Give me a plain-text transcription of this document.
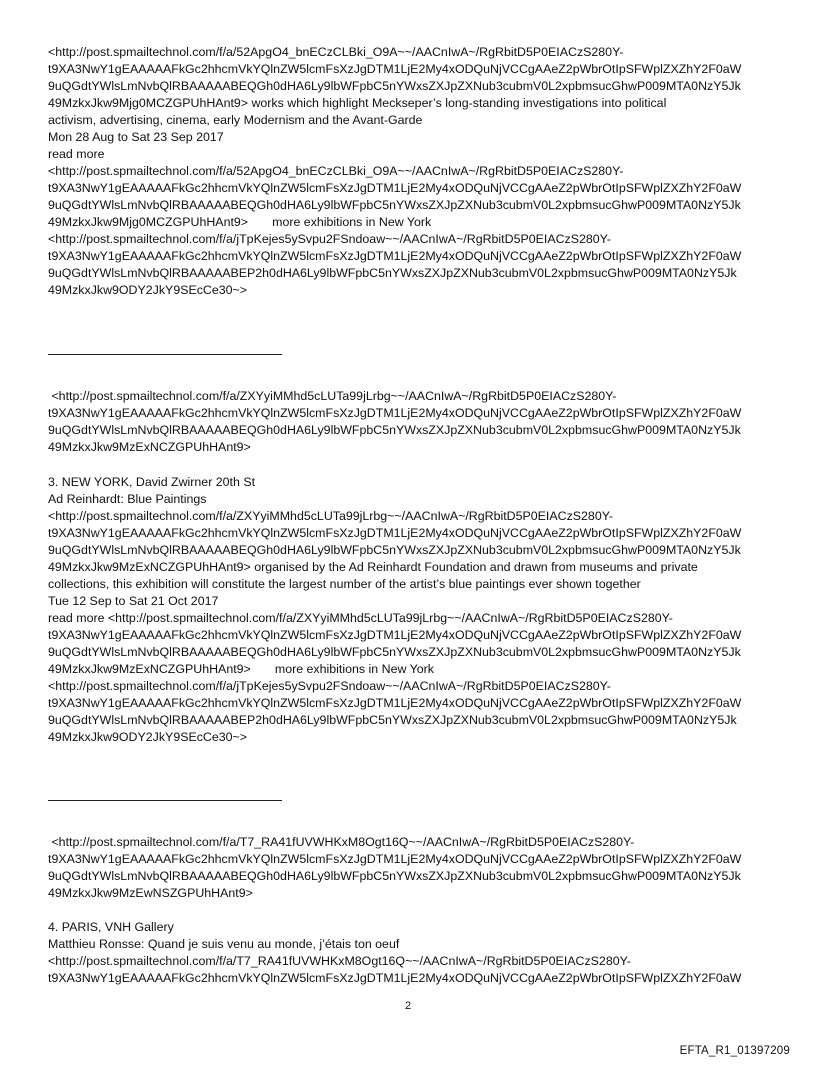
<http://post.spmailtechnol.com/f/a/52ApgO4_bnECzCLBki_O9A~~/AACnIwA~/RgRbitD5P0EIACzS280Y-
t9XA3NwY1gEAAAAAFkGc2hhcmVkYQlnZW5lcmFsXzJgDTM1LjE2My4xODQuNjVCCgAAeZ2pWbrOtIpSFWplZXZhY2F0aW
9uQGdtYWlsLmNvbQlRBAAAAABEQGh0dHA6Ly9lbWFpbC5nYWxsZXJpZXNub3cubmV0L2xpbmsucGhwP009MTA0NzY5Jk
49MzkxJkw9Mjg0MCZGPUhHAnt9> works which highlight Meckseper’s long-standing investigations into political
activism, advertising, cinema, early Modernism and the Avant-Garde
Mon 28 Aug to Sat 23 Sep 2017
read more
<http://post.spmailtechnol.com/f/a/52ApgO4_bnECzCLBki_O9A~~/AACnIwA~/RgRbitD5P0EIACzS280Y-
t9XA3NwY1gEAAAAAFkGc2hhcmVkYQlnZW5lcmFsXzJgDTM1LjE2My4xODQuNjVCCgAAeZ2pWbrOtIpSFWplZXZhY2F0aW
9uQGdtYWlsLmNvbQlRBAAAAABEQGh0dHA6Ly9lbWFpbC5nYWxsZXJpZXNub3cubmV0L2xpbmsucGhwP009MTA0NzY5Jk
49MzkxJkw9Mjg0MCZGPUhHAnt9>       more exhibitions in New York
<http://post.spmailtechnol.com/f/a/jTpKejes5ySvpu2FSndoaw~~/AACnIwA~/RgRbitD5P0EIACzS280Y-
t9XA3NwY1gEAAAAAFkGc2hhcmVkYQlnZW5lcmFsXzJgDTM1LjE2My4xODQuNjVCCgAAeZ2pWbrOtIpSFWplZXZhY2F0aW
9uQGdtYWlsLmNvbQlRBAAAAABEP2h0dHA6Ly9lbWFpbC5nYWxsZXJpZXNub3cubmV0L2xpbmsucGhwP009MTA0NzY5Jk
49MzkxJkw9ODY2JkY9SEcCe30~>
<http://post.spmailtechnol.com/f/a/ZXYyiMMhd5cLUTa99jLrbg~~/AACnIwA~/RgRbitD5P0EIACzS280Y-
t9XA3NwY1gEAAAAAFkGc2hhcmVkYQlnZW5lcmFsXzJgDTM1LjE2My4xODQuNjVCCgAAeZ2pWbrOtIpSFWplZXZhY2F0aW
9uQGdtYWlsLmNvbQlRBAAAAABEQGh0dHA6Ly9lbWFpbC5nYWxsZXJpZXNub3cubmV0L2xpbmsucGhwP009MTA0NzY5Jk
49MzkxJkw9MzExNCZGPUhHAnt9>
3. NEW YORK, David Zwirner 20th St
Ad Reinhardt: Blue Paintings
<http://post.spmailtechnol.com/f/a/ZXYyiMMhd5cLUTa99jLrbg~~/AACnIwA~/RgRbitD5P0EIACzS280Y-
t9XA3NwY1gEAAAAAFkGc2hhcmVkYQlnZW5lcmFsXzJgDTM1LjE2My4xODQuNjVCCgAAeZ2pWbrOtIpSFWplZXZhY2F0aW
9uQGdtYWlsLmNvbQlRBAAAAABEQGh0dHA6Ly9lbWFpbC5nYWxsZXJpZXNub3cubmV0L2xpbmsucGhwP009MTA0NzY5Jk
49MzkxJkw9MzExNCZGPUhHAnt9> organised by the Ad Reinhardt Foundation and drawn from museums and private
collections, this exhibition will constitute the largest number of the artist’s blue paintings ever shown together
Tue 12 Sep to Sat 21 Oct 2017
read more <http://post.spmailtechnol.com/f/a/ZXYyiMMhd5cLUTa99jLrbg~~/AACnIwA~/RgRbitD5P0EIACzS280Y-
t9XA3NwY1gEAAAAAFkGc2hhcmVkYQlnZW5lcmFsXzJgDTM1LjE2My4xODQuNjVCCgAAeZ2pWbrOtIpSFWplZXZhY2F0aW
9uQGdtYWlsLmNvbQlRBAAAAABEQGh0dHA6Ly9lbWFpbC5nYWxsZXJpZXNub3cubmV0L2xpbmsucGhwP009MTA0NzY5Jk
49MzkxJkw9MzExNCZGPUhHAnt9>       more exhibitions in New York
<http://post.spmailtechnol.com/f/a/jTpKejes5ySvpu2FSndoaw~~/AACnIwA~/RgRbitD5P0EIACzS280Y-
t9XA3NwY1gEAAAAAFkGc2hhcmVkYQlnZW5lcmFsXzJgDTM1LjE2My4xODQuNjVCCgAAeZ2pWbrOtIpSFWplZXZhY2F0aW
9uQGdtYWlsLmNvbQlRBAAAAABEP2h0dHA6Ly9lbWFpbC5nYWxsZXJpZXNub3cubmV0L2xpbmsucGhwP009MTA0NzY5Jk
49MzkxJkw9ODY2JkY9SEcCe30~>
<http://post.spmailtechnol.com/f/a/T7_RA41fUVWHKxM8Ogt16Q~~/AACnIwA~/RgRbitD5P0EIACzS280Y-
t9XA3NwY1gEAAAAAFkGc2hhcmVkYQlnZW5lcmFsXzJgDTM1LjE2My4xODQuNjVCCgAAeZ2pWbrOtIpSFWplZXZhY2F0aW
9uQGdtYWlsLmNvbQlRBAAAAABEQGh0dHA6Ly9lbWFpbC5nYWxsZXJpZXNub3cubmV0L2xpbmsucGhwP009MTA0NzY5Jk
49MzkxJkw9MzEwNSZGPUhHAnt9>
4. PARIS, VNH Gallery
Matthieu Ronsse: Quand je suis venu au monde, j’étais ton oeuf
<http://post.spmailtechnol.com/f/a/T7_RA41fUVWHKxM8Ogt16Q~~/AACnIwA~/RgRbitD5P0EIACzS280Y-
t9XA3NwY1gEAAAAAFkGc2hhcmVkYQlnZW5lcmFsXzJgDTM1LjE2My4xODQuNjVCCgAAeZ2pWbrOtIpSFWplZXZhY2F0aW
2
EFTA_R1_01397209
